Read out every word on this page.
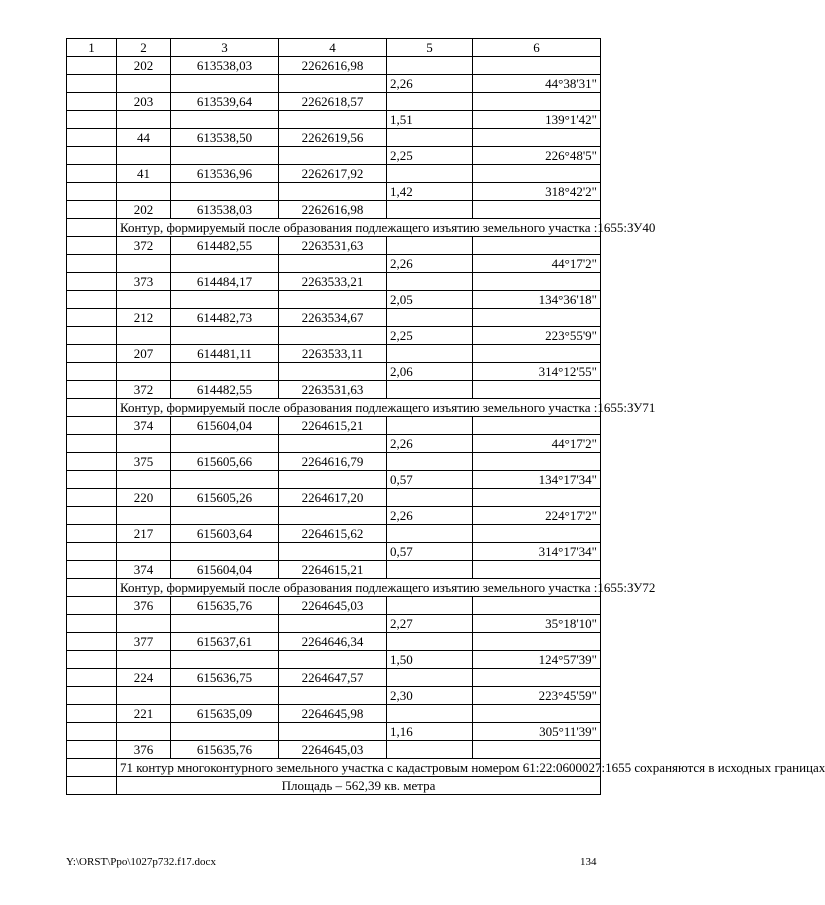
1	2	3	4	5	6
	202	613538,03	2262616,98		
				2,26	44°38'31"
	203	613539,64	2262618,57		
				1,51	139°1'42"
	44	613538,50	2262619,56		
				2,25	226°48'5"
	41	613536,96	2262617,92		
				1,42	318°42'2"
	202	613538,03	2262616,98		
	Контур, формируемый после образования подлежащего изъятию земельного участка :1655:ЗУ40				
	372	614482,55	2263531,63		
				2,26	44°17'2"
	373	614484,17	2263533,21		
				2,05	134°36'18"
	212	614482,73	2263534,67		
				2,25	223°55'9"
	207	614481,11	2263533,11		
				2,06	314°12'55"
	372	614482,55	2263531,63		
	Контур, формируемый после образования подлежащего изъятию земельного участка :1655:ЗУ71				
	374	615604,04	2264615,21		
				2,26	44°17'2"
	375	615605,66	2264616,79		
				0,57	134°17'34"
	220	615605,26	2264617,20		
				2,26	224°17'2"
	217	615603,64	2264615,62		
				0,57	314°17'34"
	374	615604,04	2264615,21		
	Контур, формируемый после образования подлежащего изъятию земельного участка :1655:ЗУ72				
	376	615635,76	2264645,03		
				2,27	35°18'10"
	377	615637,61	2264646,34		
				1,50	124°57'39"
	224	615636,75	2264647,57		
				2,30	223°45'59"
	221	615635,09	2264645,98		
				1,16	305°11'39"
	376	615635,76	2264645,03		
	71 контур многоконтурного земельного участка с кадастровым номером 61:22:0600027:1655 сохраняются в исходных границах				
	Площадь – 562,39 кв. метра				
Y:\ORST\Ppo\1027p732.f17.docx	134
